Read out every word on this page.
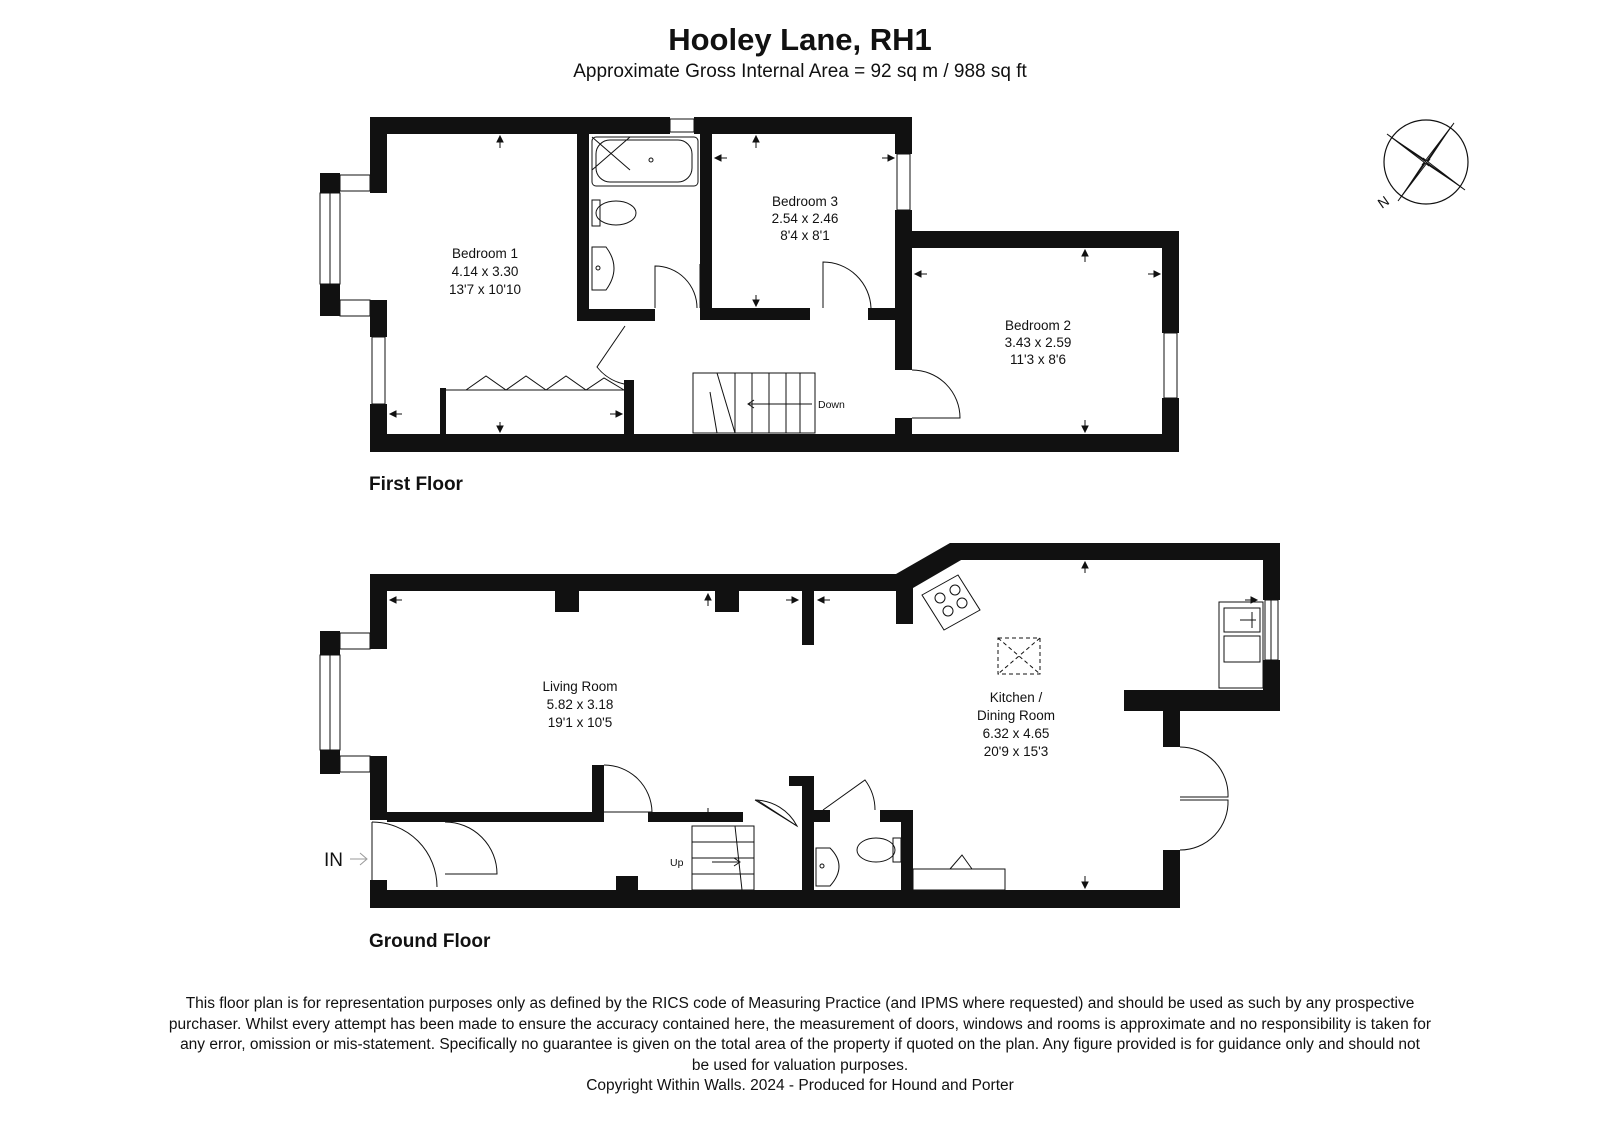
Hooley Lane, RH1
Approximate Gross Internal Area = 92 sq m / 988 sq ft
N
Down
Bedroom 1
4.14 x 3.30
13'7 x 10'10
Bedroom 3
2.54 x 2.46
8'4 x 8'1
Bedroom 2
3.43 x 2.59
11'3 x 8'6
First Floor
Up
IN
Living Room
5.82 x 3.18
19'1 x 10'5
Kitchen /
Dining Room
6.32 x 4.65
20'9 x 15'3
Ground Floor
This floor plan is for representation purposes only as defined by the RICS code of Measuring Practice (and IPMS where requested) and should be used as such by any prospective
purchaser. Whilst every attempt has been made to ensure the accuracy contained here, the measurement of doors, windows and rooms is approximate and no responsibility is taken for
any error, omission or mis-statement. Specifically no guarantee is given on the total area of the property if quoted on the plan. Any figure provided is for guidance only and should not
be used for valuation purposes.
Copyright Within Walls. 2024 - Produced for Hound and Porter
